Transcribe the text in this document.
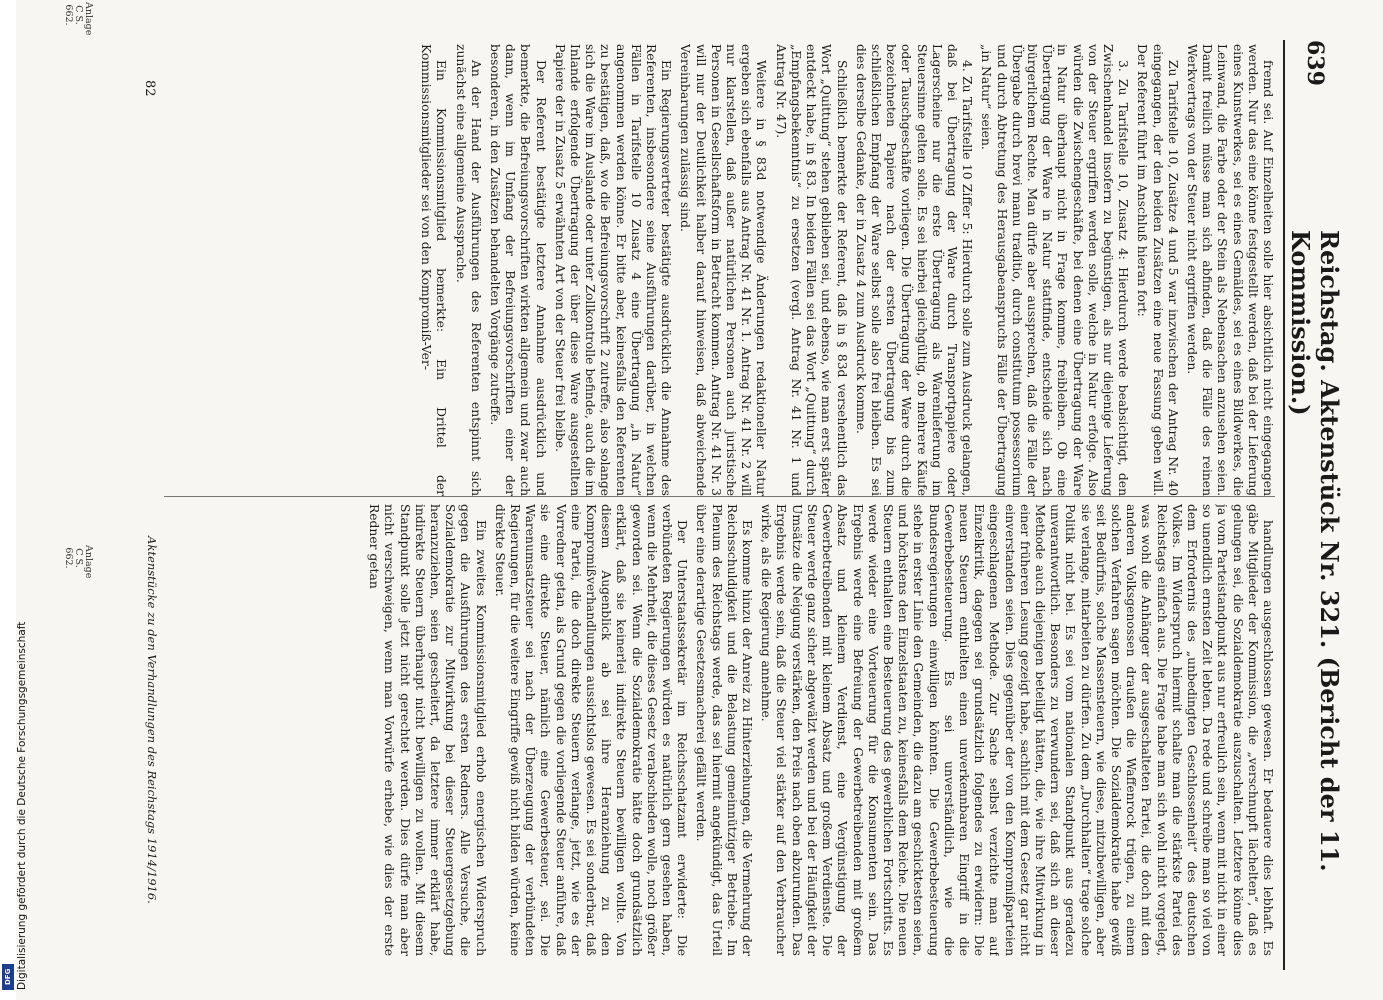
DFG Digitalisierung gefördert durch die Deutsche Forschungsgemeinschaft
639
Reichstag. Aktenstück Nr. 321. (Bericht der 11. Kommission.)

fremd sei. Auf Einzelheiten solle hier absichtlich nicht eingegangen werden. Nur das eine könne festgestellt werden, daß bei der Lieferung eines Kunstwerkes, sei es eines Gemäldes, sei es eines Bildwerkes, die Leinwand, die Farbe oder der Stein als Nebensachen anzusehen seien. Damit freilich müsse man sich abfinden, daß die Fälle des reinen Werkvertrags von der Steuer nicht ergriffen werden.

Zu Tarifstelle 10, Zusätze 4 und 5 war inzwischen der Antrag Nr. 40 eingegangen, der den beiden Zusätzen eine neue Fassung geben will. Der Referent führt im Anschluß hieran fort:

3. Zu Tarifstelle 10, Zusatz 4: Hierdurch werde beabsichtigt, den Zwischenhandel insofern zu begünstigen, als nur diejenige Lieferung von der Steuer ergriffen werden solle, welche in Natur erfolge. Also würden die Zwischengeschäfte, bei denen eine Übertragung der Ware in Natur überhaupt nicht in Frage komme, freibleiben. Ob eine Übertragung der Ware in Natur stattfinde, entscheide sich nach bürgerlichem Rechte. Man dürfe aber aussprechen, daß die Fälle der Übergabe durch brevi manu traditio, durch constitutum possessorium und durch Abtretung des Herausgabeanspruchs Fälle der Übertragung „in Natur“ seien.

4. Zu Tarifstelle 10 Ziffer 5: Hierdurch solle zum Ausdruck gelangen, daß bei Übertragung der Ware durch Transportpapiere oder Lagerscheine nur die erste Übertragung als Warenlieferung im Steuersinne gelten solle. Es sei hierbei gleichgültig, ob mehrere Käufe oder Tauschgeschäfte vorliegen. Die Übertragung der Ware durch die bezeichneten Papiere nach der ersten Übertragung bis zum schließlichen Empfang der Ware selbst solle also frei bleiben. Es sei dies derselbe Gedanke, der in Zusatz 4 zum Ausdruck komme.

Schließlich bemerkte der Referent, daß in § 83d versehentlich das Wort „Quittung“ stehen geblieben sei, und ebenso, wie man erst später entdeckt habe, in § 83. In beiden Fällen sei das Wort „Quittung“ durch „Empfangsbekenntnis“ zu ersetzen (vergl. Antrag Nr. 41 Nr. 1 und Antrag Nr. 47).

Weitere in § 83d notwendige Änderungen redaktioneller Natur ergeben sich ebenfalls aus Antrag Nr. 41 Nr. 1. Antrag Nr. 41 Nr. 2 will nur klarstellen, daß außer natürlichen Personen auch juristische Personen in Gesellschaftsform in Betracht kommen. Antrag Nr. 41 Nr. 3 will nur der Deutlichkeit halber darauf hinweisen, daß abweichende Vereinbarungen zulässig sind.

Ein Regierungsvertreter bestätigte ausdrücklich die Annahme des Referenten, insbesondere seine Ausführungen darüber, in welchen Fällen in Tarifstelle 10 Zusatz 4 eine Übertragung „in Natur“ angenommen werden könne. Er bitte aber, keinesfalls den Referenten zu bestätigen, daß, wo die Befreiungsvorschrift 2 zutreffe, also solange sich die Ware im Auslande oder unter Zollkontrolle befinde, auch die im Inlande erfolgende Übertragung der über diese Ware ausgestellten Papiere der in Zusatz 5 erwähnten Art von der Steuer frei bleibe.

Der Referent bestätigte letztere Annahme ausdrücklich und bemerkte, die Befreiungsvorschriften wirkten allgemein und zwar auch dann, wenn im Umfang der Befreiungsvorschriften einer der besonderen, in den Zusätzen behandelten Vorgänge zutreffe.

An der Hand der Ausführungen des Referenten entspinnt sich zunächst eine allgemeine Aussprache.

Ein Kommissionsmitglied bemerkte: Ein Drittel der Kommissionsmitglieder sei von den Kompromiß-Ver-

handlungen ausgeschlossen gewesen. Er bedauere dies lebhaft. Es gäbe Mitglieder der Kommission, die „verschnupft lächelten“, daß es gelungen sei, die Sozialdemokratie auszuschalten. Letztere könne dies ja vom Parteistandpunkt aus nur erfreulich sein, wenn mit nicht in einer so unendlich ernsten Zeit lebten. Da rede und schreibe man so viel von dem Erfordernis des „unbedingten Geschlossenheit“ des deutschen Volkes. Im Widerspruch hiermit schalte man die stärkste Partei des Reichstags einfach aus. Die Frage habe man sich wohl nicht vorgelegt, was wohl die Anhänger der ausgeschalteten Partei, die doch mit den anderen Volksgenossen draußen die Waffenrock trügen, zu einem solchen Verfahren sagen möchten. Die Sozialdemokratie habe gewiß seit Bedürfnis, solche Massensteuern, wie diese, mitzubewilligen, aber sie verlange, mitarbeiten zu dürfen. Zu dem „Durchhalten“ trage solche Politik nicht bei. Es sei vom nationalen Standpunkt aus geradezu unverantwortlich. Besonders zu verwundern sei, daß sich an dieser Methode auch diejenigen beteiligt hätten, die, wie ihre Mitwirkung in einer früheren Lesung gezeigt habe, sachlich mit dem Gesetz gar nicht einverstanden seien. Dies gegenüber der von den Kompromißparteien eingeschlagenen Methode. Zur Sache selbst verzichte man auf Einzelkritik, dagegen sei grundsätzlich folgendes zu erwidern: Die neuen Steuern enthielten einen unverkennbaren Eingriff in die Gewerbebesteuerung. Es sei unverständlich, wie die Bundesregierungen einwilligen könnten. Die Gewerbebesteuerung stehe in erster Linie den Gemeinden, die dazu am geschicktesten seien, und höchstens den Einzelstaaten zu, keinesfalls dem Reiche. Die neuen Steuern enthalten eine Besteuerung des gewerblichen Fortschritts. Es werde wieder eine Vorteuerung für die Konsumenten sein. Das Ergebnis werde eine Befreiung der Gewerbetreibenden mit großem Absatz und kleinem Verdienst, eine Vergünstigung der Gewerbetreibenden mit kleinem Absatz und großem Verdienste. Die Steuer werde ganz sicher abgewälzt werden und bei der Häufigkeit der Umsätze die Neigung verstärken, den Preis nach oben abzurunden. Das Ergebnis werde sein, daß die Steuer viel stärker auf den Verbraucher wirke, als die Regierung annehme.

Es komme hinzu der Anreiz zu Hinterziehungen, die Vermehrung der Reichsschuldigkeit und die Belastung gemeinnütziger Betriebe. Im Plenum des Reichstags werde, das sei hiermit angekündigt, das Urteil über eine derartige Gesetzesmacherei gefällt werden.

Der Unterstaatssekretär im Reichsschatzamt erwiderte: Die verbündeten Regierungen würden es natürlich gern gesehen haben, wenn die Mehrheit, die dieses Gesetz verabschieden wolle, noch größer geworden sei. Wenn die Sozialdemokratie hätte doch grundsätzlich erklärt, daß sie keinerlei indirekte Steuern bewilligen wollte. Von diesem Augenblick ab sei ihre Heranziehung zu den Kompromißverhandlungen aussichtslos gewesen. Es sei sonderbar, daß eine Partei, die doch direkte Steuern verlange, jetzt, wie es der Vorredner getan, als Grund gegen die vorliegende Steuer anführe, daß sie eine direkte Steuer, nämlich eine Gewerbesteuer, sei. Die Warenumsatzsteuer sei nach der Überzeugung der verbündeten Regierungen, für die weitere Eingriffe gewiß nicht bilden würden, keine direkte Steuer.

Ein zweites Kommissionsmitglied erhob energischen Widerspruch gegen die Ausführungen des ersten Redners. Alle Versuche, die Sozialdemokratie zur Mitwirkung bei dieser Steuergesetzgebung heranzuziehen, seien gescheitert, da letztere immer erklärt habe, indirekte Steuern überhaupt nicht bewilligen zu wollen. Mit diesem Standpunkt solle jetzt nicht gerechtet werden. Dies dürfe man aber nicht verschweigen, wenn man Vorwürfe erhebe, wie dies der erste Redner getan

82
Aktenstücke zu den Verhandlungen des Reichstags 1914/1916.
Anlage C S. 662.
Anlage C S. 662.
